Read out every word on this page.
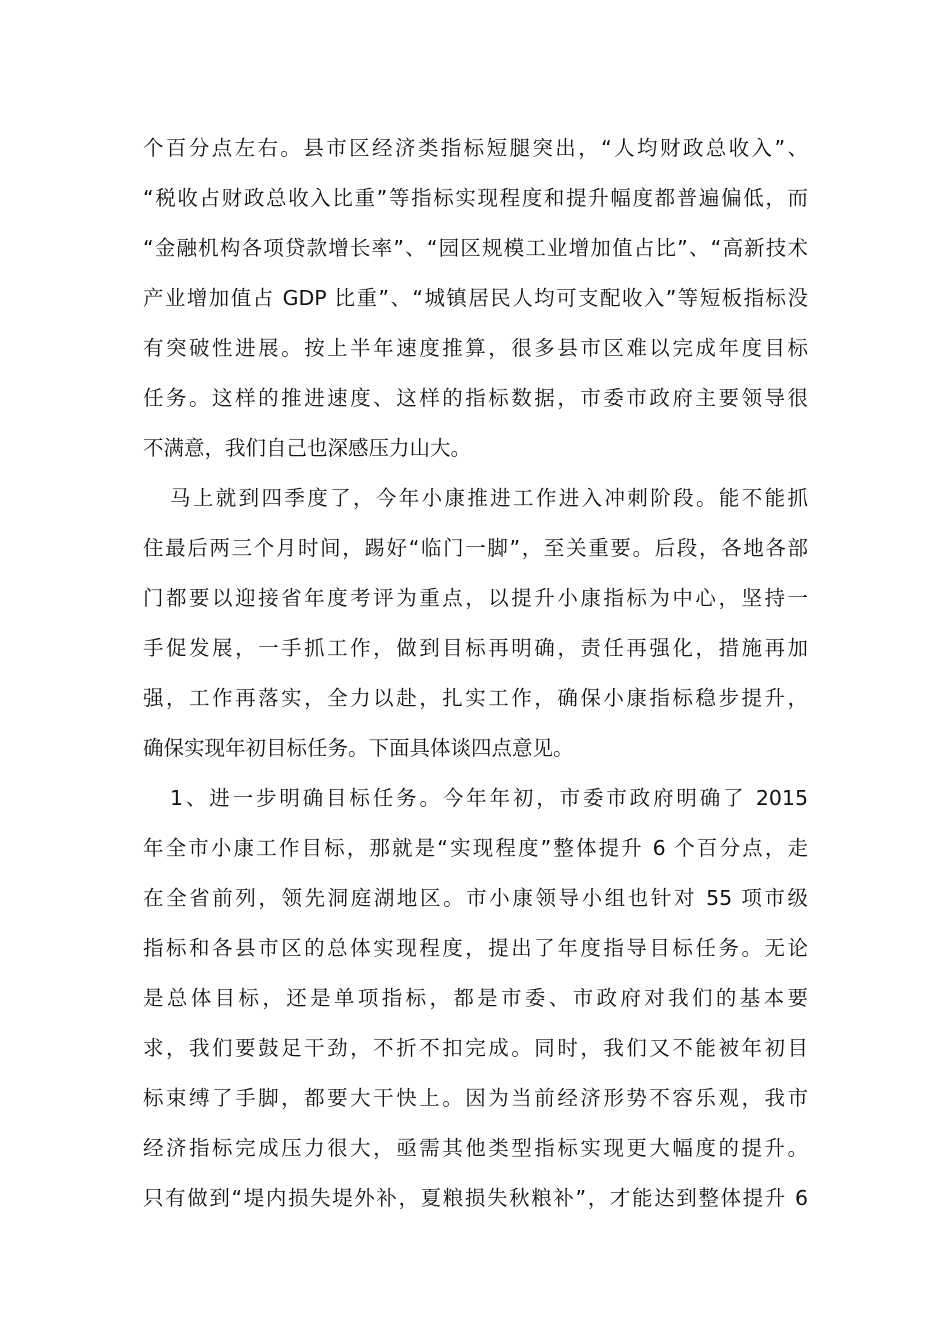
个百分点左右。县市区经济类指标短腿突出，“人均财政总收入”、
“税收占财政总收入比重”等指标实现程度和提升幅度都普遍偏低，而
“金融机构各项贷款增长率”、“园区规模工业增加值占比”、“高新技术
产业增加值占 GDP 比重”、“城镇居民人均可支配收入”等短板指标没
有突破性进展。按上半年速度推算，很多县市区难以完成年度目标
任务。这样的推进速度、这样的指标数据，市委市政府主要领导很
不满意，我们自己也深感压力山大。
马上就到四季度了，今年小康推进工作进入冲刺阶段。能不能抓
住最后两三个月时间，踢好“临门一脚”，至关重要。后段，各地各部
门都要以迎接省年度考评为重点，以提升小康指标为中心，坚持一
手促发展，一手抓工作，做到目标再明确，责任再强化，措施再加
强，工作再落实，全力以赴，扎实工作，确保小康指标稳步提升，
确保实现年初目标任务。下面具体谈四点意见。
1、进一步明确目标任务。今年年初，市委市政府明确了 2015
年全市小康工作目标，那就是“实现程度”整体提升 6 个百分点，走
在全省前列，领先洞庭湖地区。市小康领导小组也针对 55 项市级
指标和各县市区的总体实现程度，提出了年度指导目标任务。无论
是总体目标，还是单项指标，都是市委、市政府对我们的基本要
求，我们要鼓足干劲，不折不扣完成。同时，我们又不能被年初目
标束缚了手脚，都要大干快上。因为当前经济形势不容乐观，我市
经济指标完成压力很大，亟需其他类型指标实现更大幅度的提升。
只有做到“堤内损失堤外补，夏粮损失秋粮补”，才能达到整体提升 6
